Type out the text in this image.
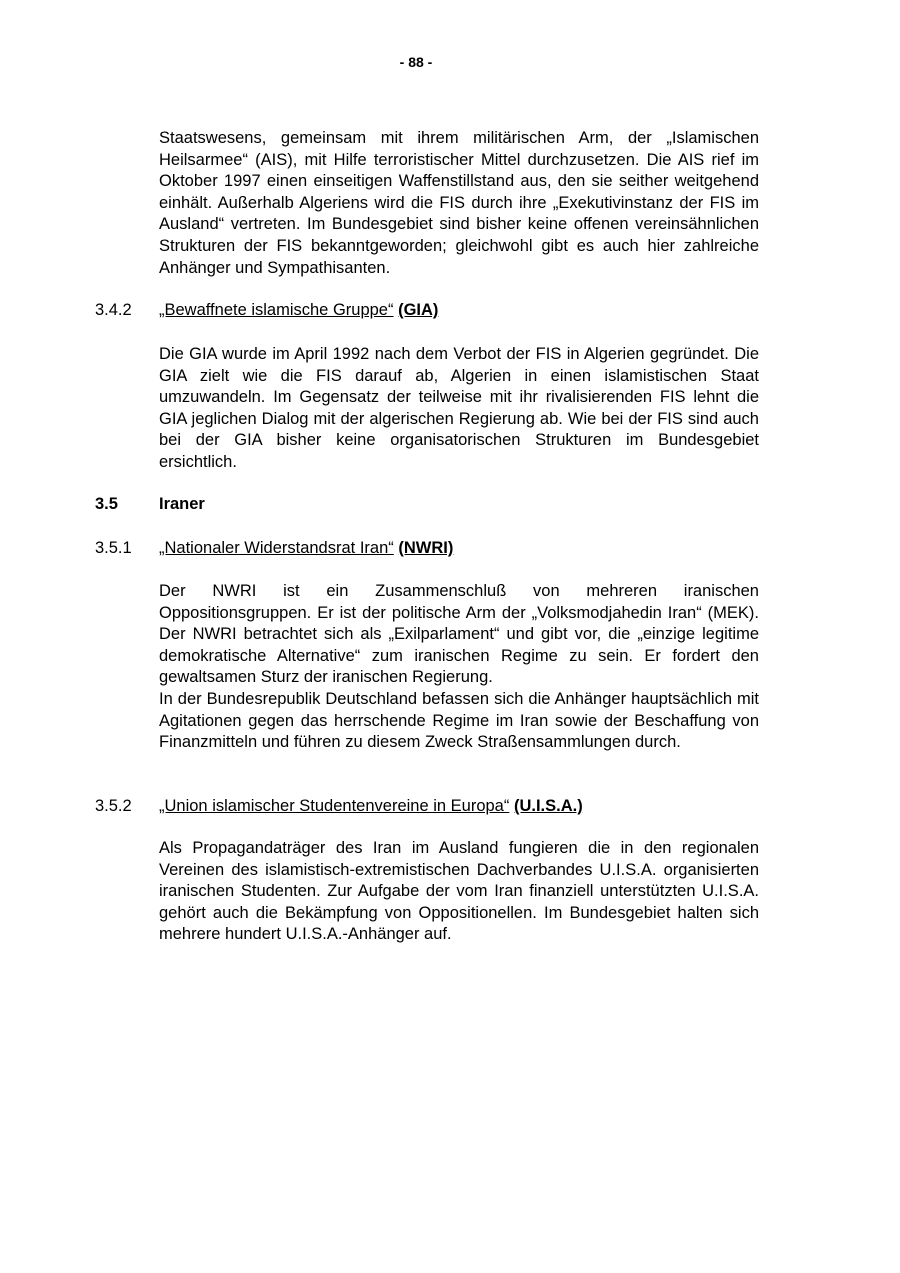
- 88 -

Staatswesens, gemeinsam mit ihrem militärischen Arm, der „Islamischen Heilsarmee“ (AIS), mit Hilfe terroristischer Mittel durchzusetzen. Die AIS rief im Oktober 1997 einen einseitigen Waffenstillstand aus, den sie seither weitgehend einhält. Außerhalb Algeriens wird die FIS durch ihre „Exekutivinstanz der FIS im Ausland“ vertreten. Im Bundesgebiet sind bisher keine offenen vereinsähnlichen Strukturen der FIS bekanntgeworden; gleichwohl gibt es auch hier zahlreiche Anhänger und Sympathisanten.

3.4.2 „Bewaffnete islamische Gruppe“ (GIA)

Die GIA wurde im April 1992 nach dem Verbot der FIS in Algerien gegründet. Die GIA zielt wie die FIS darauf ab, Algerien in einen islamistischen Staat umzuwandeln. Im Gegensatz der teilweise mit ihr rivalisierenden FIS lehnt die GIA jeglichen Dialog mit der algerischen Regierung ab. Wie bei der FIS sind auch bei der GIA bisher keine organisatorischen Strukturen im Bundesgebiet ersichtlich.

3.5 Iraner
3.5.1 „Nationaler Widerstandsrat Iran“ (NWRI)

Der NWRI ist ein Zusammenschluß von mehreren iranischen Oppositionsgruppen. Er ist der politische Arm der „Volksmodjahedin Iran“ (MEK). Der NWRI betrachtet sich als „Exilparlament“ und gibt vor, die „einzige legitime demokratische Alternative“ zum iranischen Regime zu sein. Er fordert den gewaltsamen Sturz der iranischen Regierung.

In der Bundesrepublik Deutschland befassen sich die Anhänger hauptsächlich mit Agitationen gegen das herrschende Regime im Iran sowie der Beschaffung von Finanzmitteln und führen zu diesem Zweck Straßensammlungen durch.

3.5.2 „Union islamischer Studentenvereine in Europa“ (U.I.S.A.)

Als Propagandaträger des Iran im Ausland fungieren die in den regionalen Vereinen des islamistisch-extremistischen Dachverbandes U.I.S.A. organisierten iranischen Studenten. Zur Aufgabe der vom Iran finanziell unterstützten U.I.S.A. gehört auch die Bekämpfung von Oppositionellen. Im Bundesgebiet halten sich mehrere hundert U.I.S.A.-Anhänger auf.
